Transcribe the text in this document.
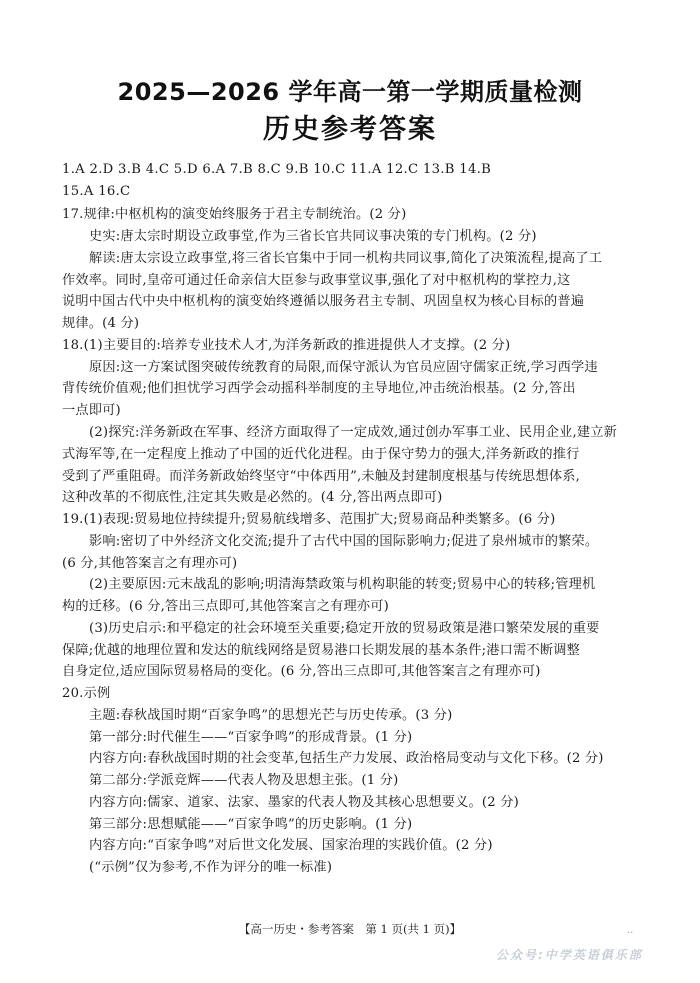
2025—2026 学年高一第一学期质量检测
历史参考答案
1.A 2.D 3.B 4.C 5.D 6.A 7.B 8.C 9.B 10.C 11.A 12.C 13.B 14.B
15.A 16.C
17.规律:中枢机构的演变始终服务于君主专制统治。(2 分)
史实:唐太宗时期设立政事堂,作为三省长官共同议事决策的专门机构。(2 分)
解读:唐太宗设立政事堂,将三省长官集中于同一机构共同议事,简化了决策流程,提高了工
作效率。同时,皇帝可通过任命亲信大臣参与政事堂议事,强化了对中枢机构的掌控力,这
说明中国古代中央中枢机构的演变始终遵循以服务君主专制、巩固皇权为核心目标的普遍
规律。(4 分)
18.(1)主要目的:培养专业技术人才,为洋务新政的推进提供人才支撑。(2 分)
原因:这一方案试图突破传统教育的局限,而保守派认为官员应固守儒家正统,学习西学违
背传统价值观;他们担忧学习西学会动摇科举制度的主导地位,冲击统治根基。(2 分,答出
一点即可)
(2)探究:洋务新政在军事、经济方面取得了一定成效,通过创办军事工业、民用企业,建立新
式海军等,在一定程度上推动了中国的近代化进程。由于保守势力的强大,洋务新政的推行
受到了严重阻碍。而洋务新政始终坚守“中体西用”,未触及封建制度根基与传统思想体系,
这种改革的不彻底性,注定其失败是必然的。(4 分,答出两点即可)
19.(1)表现:贸易地位持续提升;贸易航线增多、范围扩大;贸易商品种类繁多。(6 分)
影响:密切了中外经济文化交流;提升了古代中国的国际影响力;促进了泉州城市的繁荣。
(6 分,其他答案言之有理亦可)
(2)主要原因:元末战乱的影响;明清海禁政策与机构职能的转变;贸易中心的转移;管理机
构的迁移。(6 分,答出三点即可,其他答案言之有理亦可)
(3)历史启示:和平稳定的社会环境至关重要;稳定开放的贸易政策是港口繁荣发展的重要
保障;优越的地理位置和发达的航线网络是贸易港口长期发展的基本条件;港口需不断调整
自身定位,适应国际贸易格局的变化。(6 分,答出三点即可,其他答案言之有理亦可)
20.示例
主题:春秋战国时期“百家争鸣”的思想光芒与历史传承。(3 分)
第一部分:时代催生——“百家争鸣”的形成背景。(1 分)
内容方向:春秋战国时期的社会变革,包括生产力发展、政治格局变动与文化下移。(2 分)
第二部分:学派竞辉——代表人物及思想主张。(1 分)
内容方向:儒家、道家、法家、墨家的代表人物及其核心思想要义。(2 分)
第三部分:思想赋能——“百家争鸣”的历史影响。(1 分)
内容方向:“百家争鸣”对后世文化发展、国家治理的实践价值。(2 分)
(“示例”仅为参考,不作为评分的唯一标准)
【高一历史・参考答案　第 1 页(共 1 页)】	..
公众号:中学英语俱乐部
